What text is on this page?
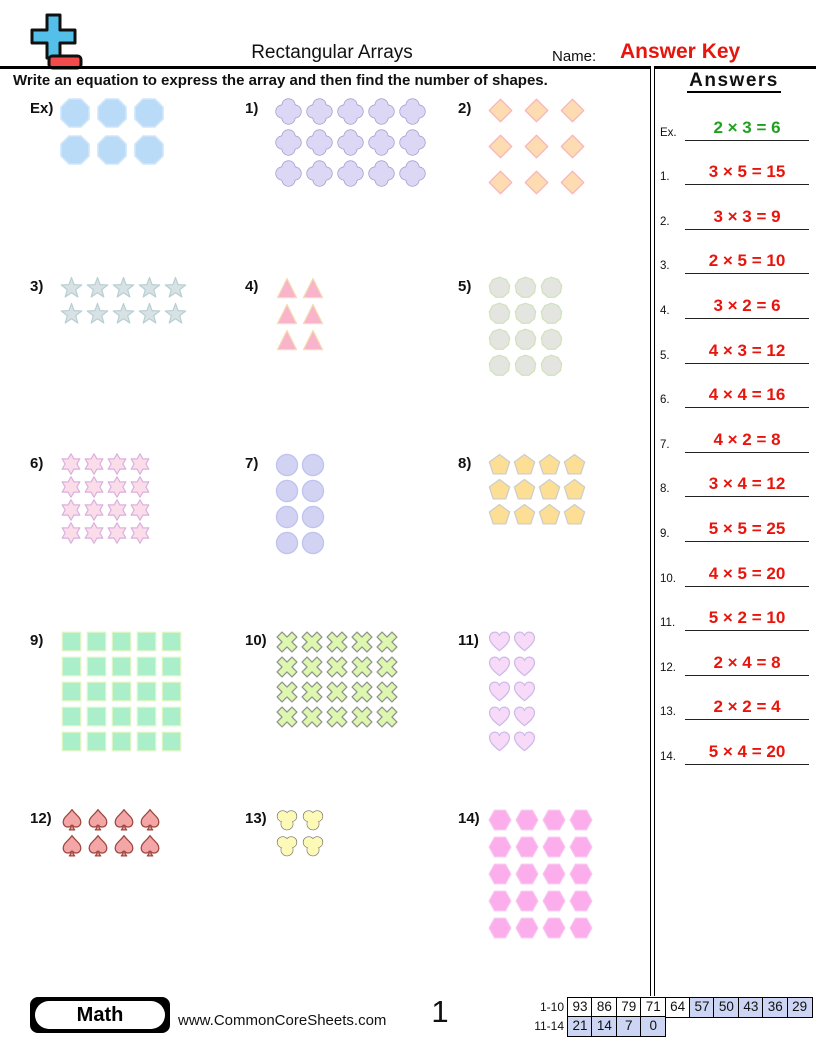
Rectangular Arrays	Name: Answer Key
Write an equation to express the array and then find the number of shapes.	Answers
Ex.	2 × 3 = 6
1.	3 × 5 = 15
2.	3 × 3 = 9
3.	2 × 5 = 10
4.	3 × 2 = 6
5.	4 × 3 = 12
6.	4 × 4 = 16
7.	4 × 2 = 8
8.	3 × 4 = 12
9.	5 × 5 = 25
10.	4 × 5 = 20
11.	5 × 2 = 10
12.	2 × 4 = 8
13.	2 × 2 = 4
14.	5 × 4 = 20
Ex)	1)	2)
3)	4)	5)
6)	7)	8)
9)	10)	11)
12)	13)	14)
Math	www.CommonCoreSheets.com	1	1-10 93 86 79 71 64 57 50 43 36 29
11-14 21 14 7	0
